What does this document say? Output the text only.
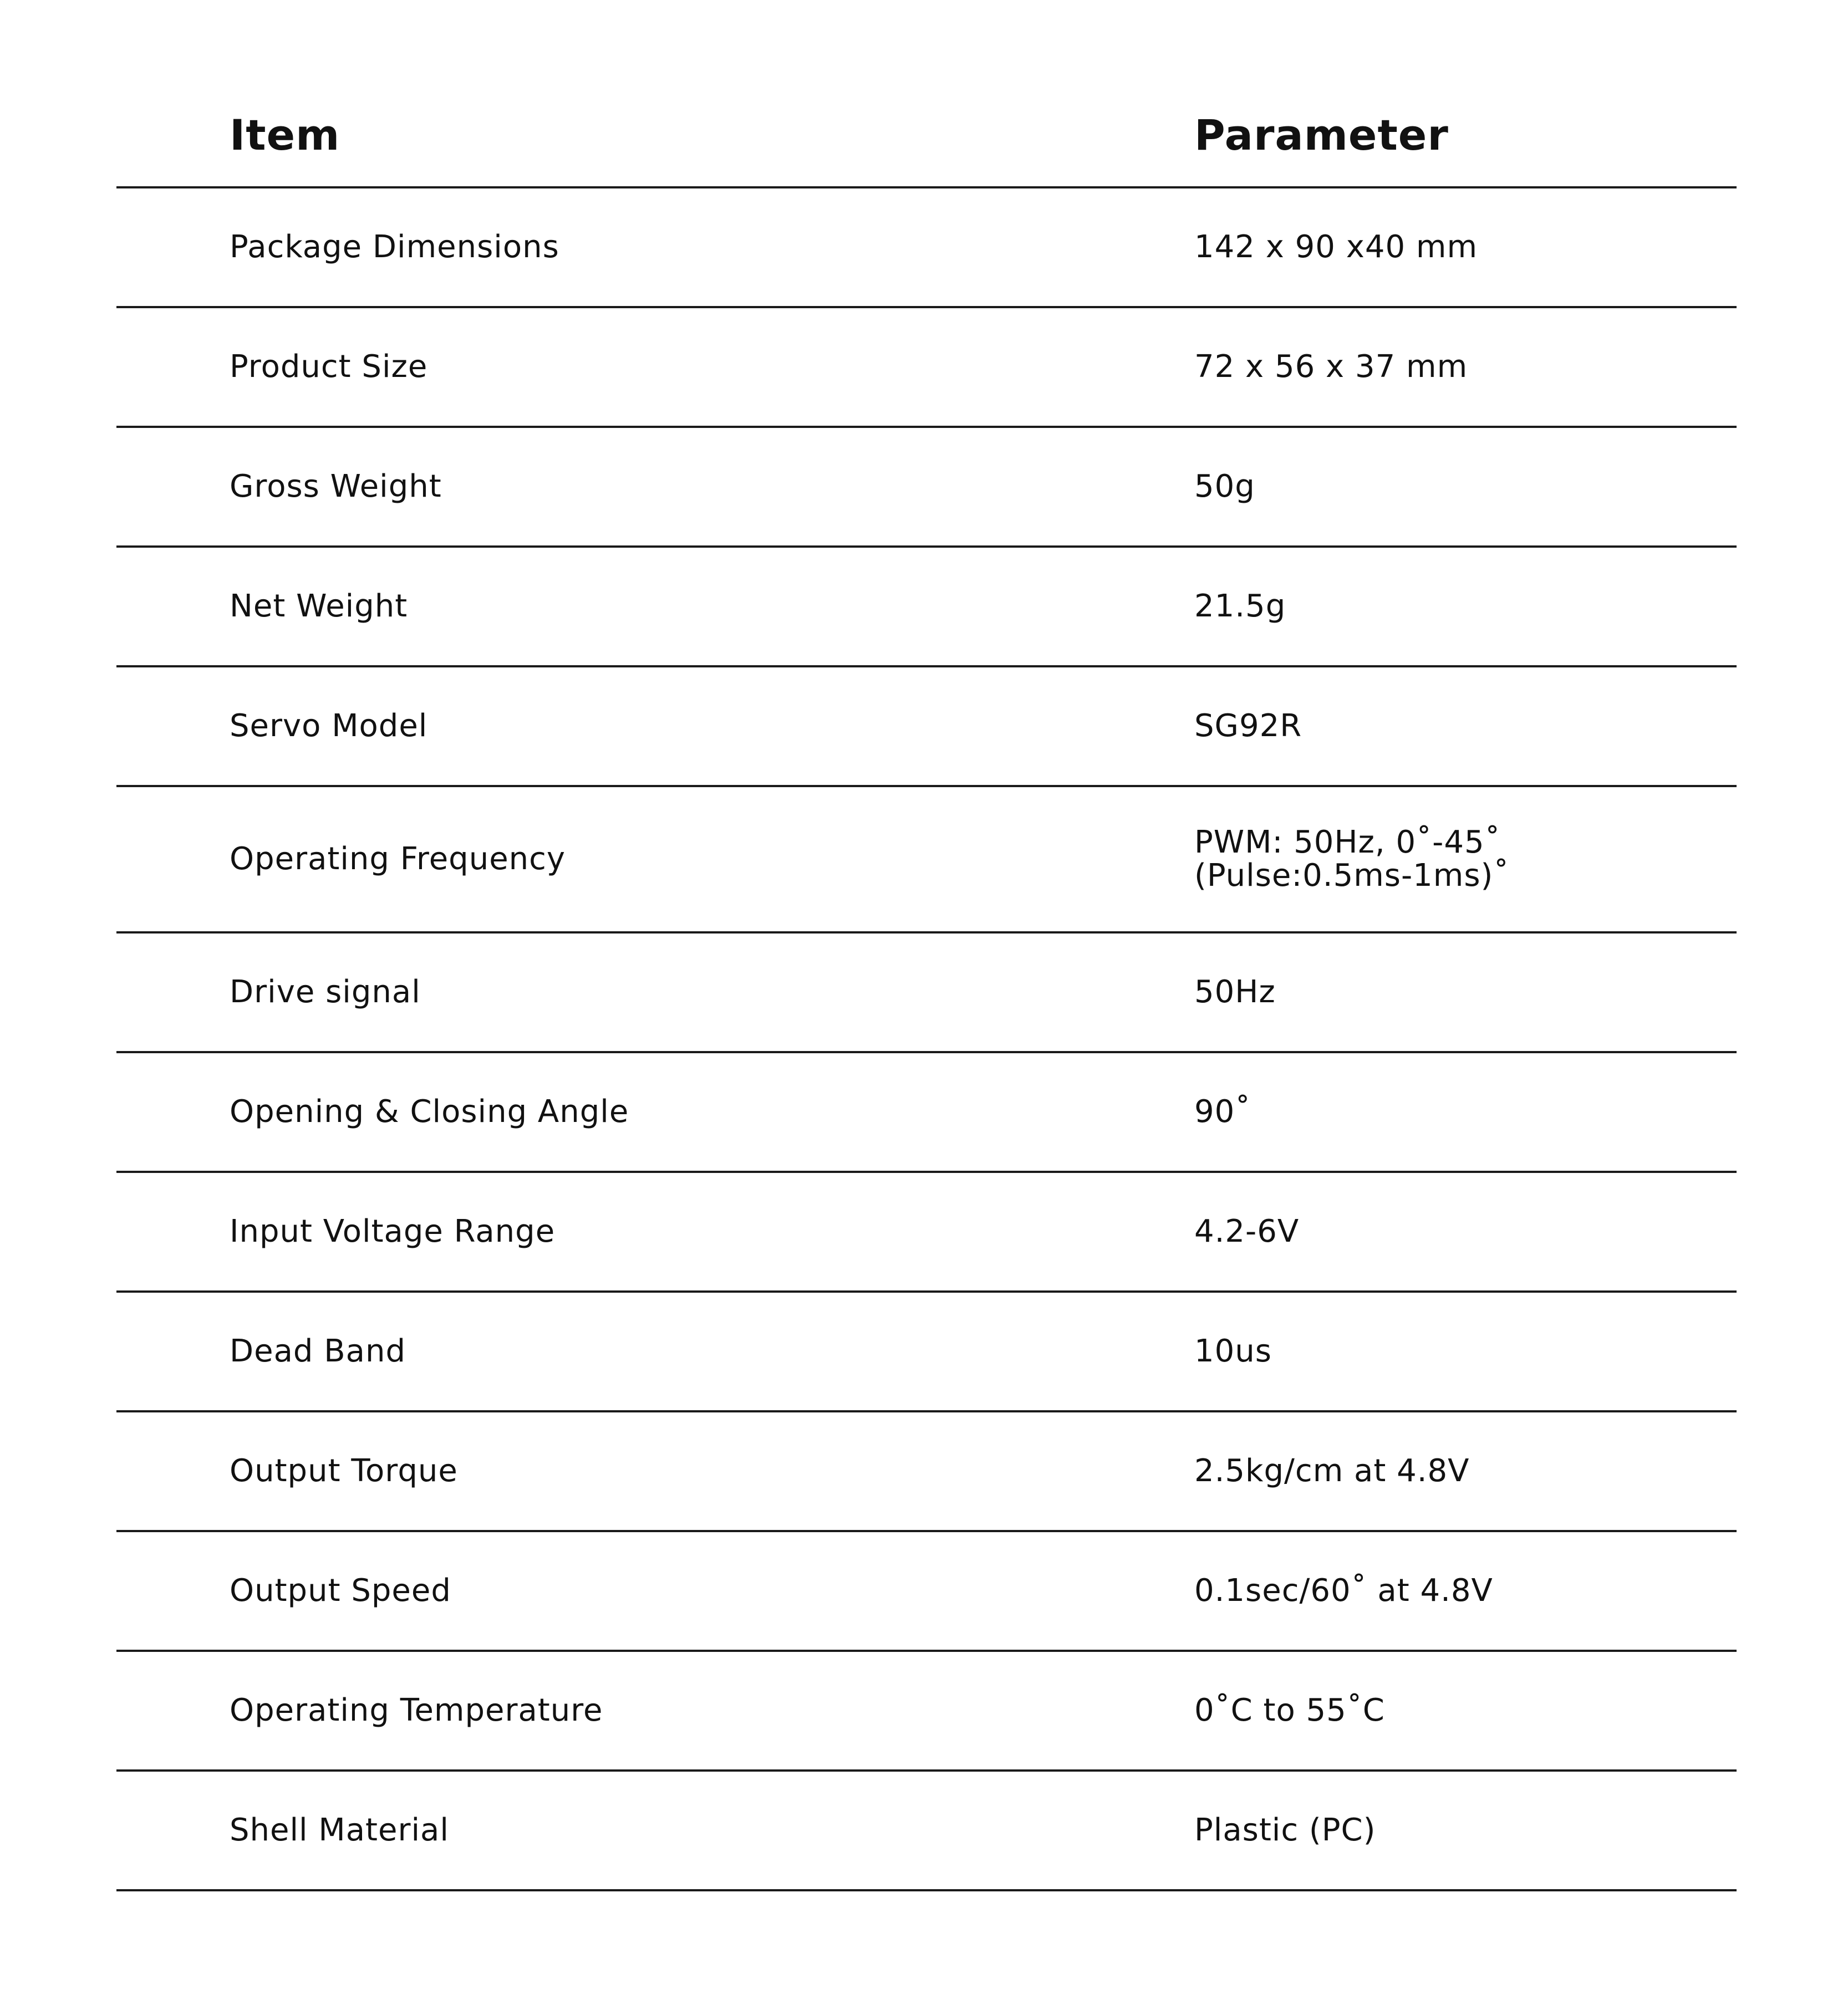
Item	Parameter
Package Dimensions	142 x 90 x40 mm
Product Size	72 x 56 x 37 mm
Gross Weight	50g
Net Weight	21.5g
Servo Model	SG92R
Operating Frequency	PWM: 50Hz, 0˚-45˚
(Pulse:0.5ms-1ms)˚
Drive signal	50Hz
Opening & Closing Angle	90˚
Input Voltage Range	4.2-6V
Dead Band	10us
Output Torque	2.5kg/cm at 4.8V
Output Speed	0.1sec/60˚ at 4.8V
Operating Temperature	0˚C to 55˚C
Shell Material	Plastic (PC)
